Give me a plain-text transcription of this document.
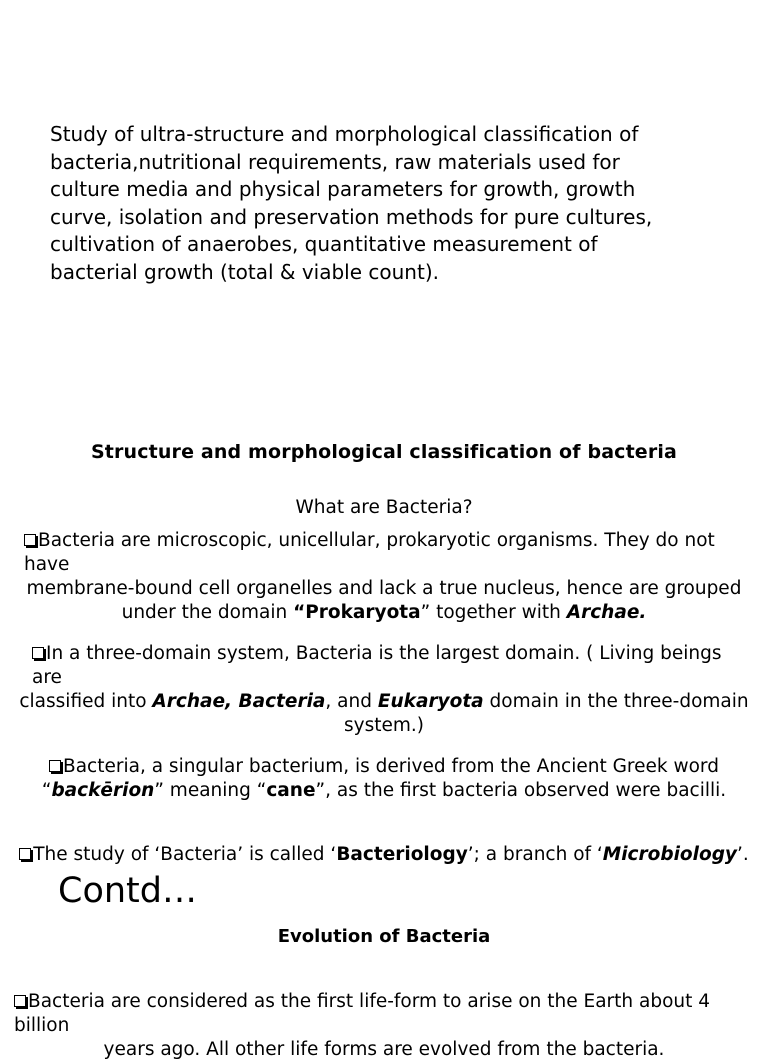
Study of ultra-structure and morphological classification of
bacteria,nutritional requirements, raw materials used for
culture media and physical parameters for growth, growth
curve, isolation and preservation methods for pure cultures,
cultivation of anaerobes, quantitative measurement of
bacterial growth (total & viable count).
Structure and morphological classification of bacteria
What are Bacteria?
Bacteria are microscopic, unicellular, prokaryotic organisms. They do not have
membrane-bound cell organelles and lack a true nucleus, hence are grouped
under the domain “Prokaryota” together with Archae.
In a three-domain system, Bacteria is the largest domain. ( Living beings are
classified into Archae, Bacteria, and Eukaryota domain in the three-domain
system.)
Bacteria, a singular bacterium, is derived from the Ancient Greek word
“backērion” meaning “cane”, as the first bacteria observed were bacilli.
The study of ‘Bacteria’ is called ‘Bacteriology’; a branch of ‘Microbiology’.
Contd…
Evolution of Bacteria
Bacteria are considered as the first life-form to arise on the Earth about 4 billion
years ago. All other life forms are evolved from the bacteria.
